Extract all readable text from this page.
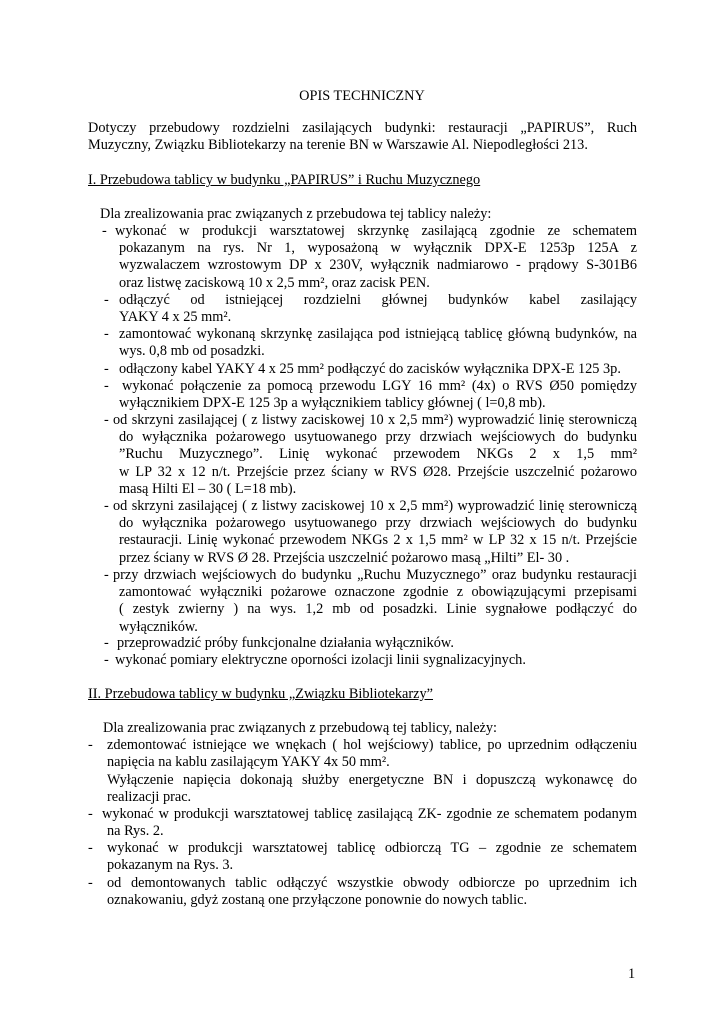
OPIS TECHNICZNY
Dotyczy przebudowy rozdzielni zasilających budynki: restauracji „PAPIRUS”, Ruch
Muzyczny, Związku Bibliotekarzy na terenie BN w Warszawie Al. Niepodległości 213.
I. Przebudowa tablicy w budynku „PAPIRUS” i Ruchu Muzycznego
Dla zrealizowania prac związanych z przebudowa tej tablicy należy:
- wykonać w produkcji warsztatowej skrzynkę zasilającą zgodnie ze schematem
pokazanym na rys. Nr 1, wyposażoną w wyłącznik DPX-E 1253p 125A z
wyzwalaczem wzrostowym DP x 230V, wyłącznik nadmiarowo - prądowy S-301B6
oraz listwę zaciskową 10 x 2,5 mm², oraz zacisk PEN.
- odłączyć od istniejącej rozdzielni głównej budynków kabel zasilający
YAKY 4 x 25 mm².
- zamontować wykonaną skrzynkę zasilająca pod istniejącą tablicę główną budynków, na
wys. 0,8 mb od posadzki.
- odłączony kabel YAKY 4 x 25 mm² podłączyć do zacisków wyłącznika DPX-E 125 3p.
- wykonać połączenie za pomocą przewodu LGY 16 mm² (4x) o RVS Ø50 pomiędzy
wyłącznikiem DPX-E 125 3p a wyłącznikiem tablicy głównej ( l=0,8 mb).
- od skrzyni zasilającej ( z listwy zaciskowej 10 x 2,5 mm²) wyprowadzić linię sterowniczą
do wyłącznika pożarowego usytuowanego przy drzwiach wejściowych do budynku
”Ruchu Muzycznego”. Linię wykonać przewodem NKGs 2 x 1,5 mm²
w LP 32 x 12 n/t. Przejście przez ściany w RVS Ø28. Przejście uszczelnić pożarowo
masą Hilti El – 30 ( L=18 mb).
- od skrzyni zasilającej ( z listwy zaciskowej 10 x 2,5 mm²) wyprowadzić linię sterowniczą
do wyłącznika pożarowego usytuowanego przy drzwiach wejściowych do budynku
restauracji. Linię wykonać przewodem NKGs 2 x 1,5 mm² w LP 32 x 15 n/t. Przejście
przez ściany w RVS Ø 28. Przejścia uszczelnić pożarowo masą „Hilti” El- 30 .
- przy drzwiach wejściowych do budynku „Ruchu Muzycznego” oraz budynku restauracji
zamontować wyłączniki pożarowe oznaczone zgodnie z obowiązującymi przepisami
( zestyk zwierny ) na wys. 1,2 mb od posadzki. Linie sygnałowe podłączyć do
wyłączników.
- przeprowadzić próby funkcjonalne działania wyłączników.
- wykonać pomiary elektryczne oporności izolacji linii sygnalizacyjnych.
II. Przebudowa tablicy w budynku „Związku Bibliotekarzy”
Dla zrealizowania prac związanych z przebudową tej tablicy, należy:
- zdemontować istniejące we wnękach ( hol wejściowy) tablice, po uprzednim odłączeniu
napięcia na kablu zasilającym YAKY 4x 50 mm².
Wyłączenie napięcia dokonają służby energetyczne BN i dopuszczą wykonawcę do
realizacji prac.
- wykonać w produkcji warsztatowej tablicę zasilającą ZK- zgodnie ze schematem podanym
na Rys. 2.
- wykonać w produkcji warsztatowej tablicę odbiorczą TG – zgodnie ze schematem
pokazanym na Rys. 3.
- od demontowanych tablic odłączyć wszystkie obwody odbiorcze po uprzednim ich
oznakowaniu, gdyż zostaną one przyłączone ponownie do nowych tablic.
1
